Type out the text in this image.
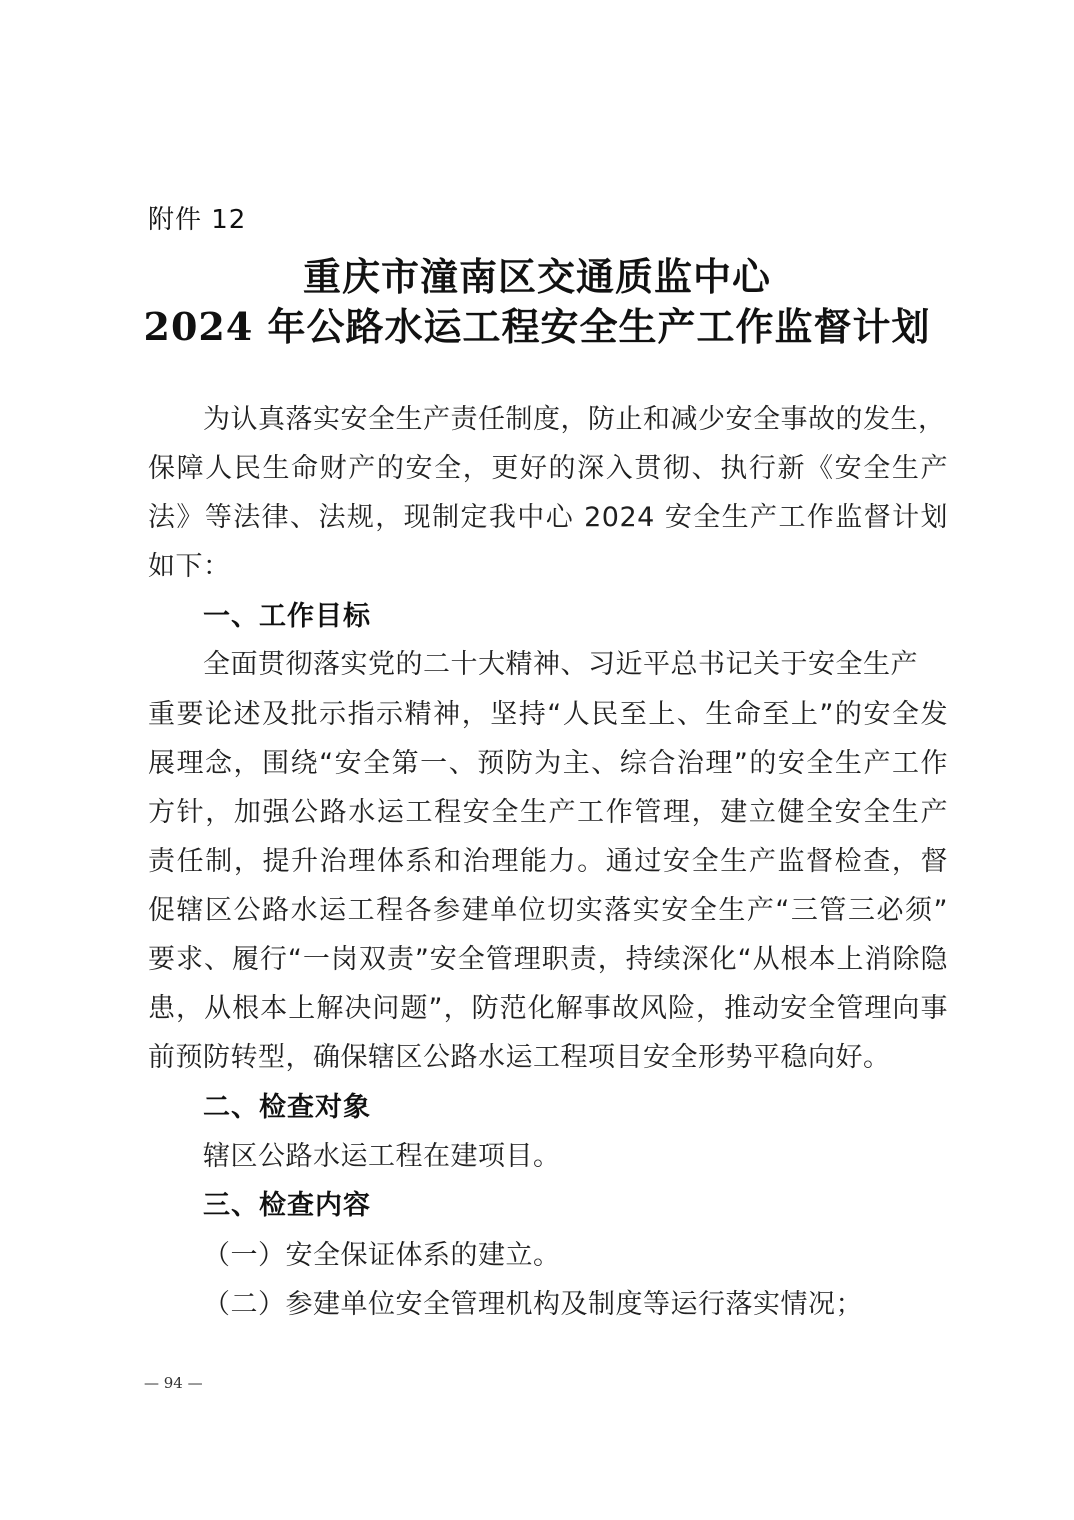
附件 12
重庆市潼南区交通质监中心
2024 年公路水运工程安全生产工作监督计划
为认真落实安全生产责任制度，防止和减少安全事故的发生，
保障人民生命财产的安全，更好的深入贯彻、执行新《安全生产
法》等法律、法规，现制定我中心 2024 安全生产工作监督计划
如下：
一、工作目标
全面贯彻落实党的二十大精神、习近平总书记关于安全生产
重要论述及批示指示精神，坚持“人民至上、生命至上”的安全发
展理念，围绕“安全第一、预防为主、综合治理”的安全生产工作
方针，加强公路水运工程安全生产工作管理，建立健全安全生产
责任制，提升治理体系和治理能力。通过安全生产监督检查，督
促辖区公路水运工程各参建单位切实落实安全生产“三管三必须”
要求、履行“一岗双责”安全管理职责，持续深化“从根本上消除隐
患，从根本上解决问题”，防范化解事故风险，推动安全管理向事
前预防转型，确保辖区公路水运工程项目安全形势平稳向好。
二、检查对象
辖区公路水运工程在建项目。
三、检查内容
（一）安全保证体系的建立。
（二）参建单位安全管理机构及制度等运行落实情况；
— 94 —
